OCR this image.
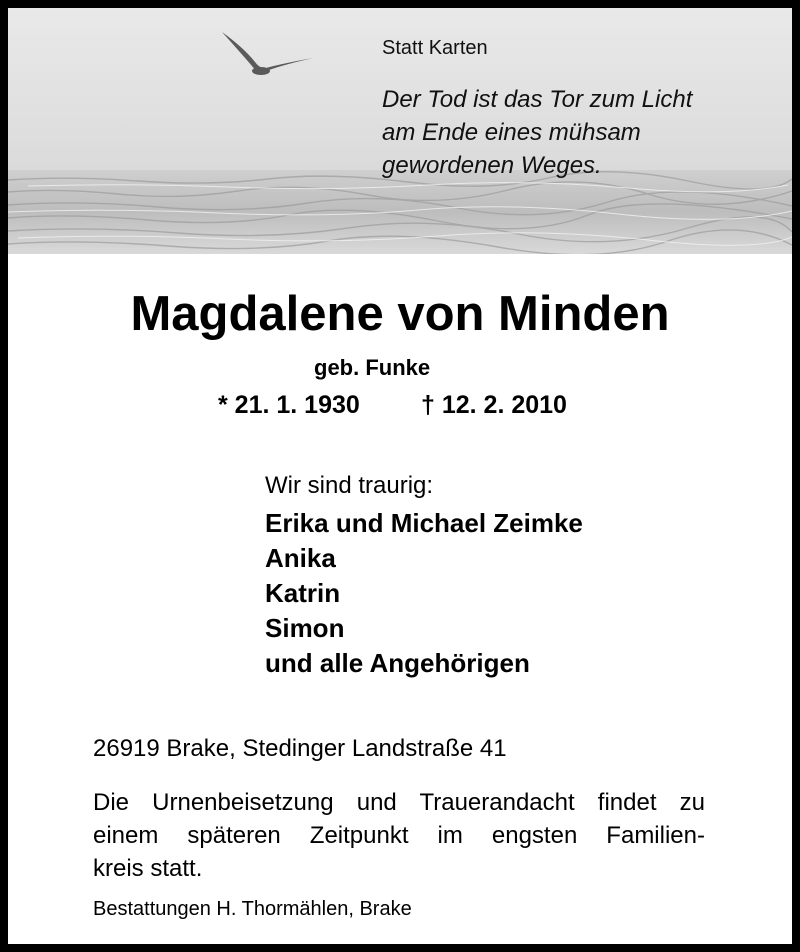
Statt Karten
Der Tod ist das Tor zum Licht
am Ende eines mühsam
gewordenen Weges.
Magdalene von Minden
geb. Funke
* 21. 1. 1930 † 12. 2. 2010
Wir sind traurig:
Erika und Michael Zeimke
Anika
Katrin
Simon
und alle Angehörigen
26919 Brake, Stedinger Landstraße 41
Die Urnenbeisetzung und Trauerandacht findet zu
einem späteren Zeitpunkt im engsten Familien-
kreis statt.
Bestattungen H. Thormählen, Brake
